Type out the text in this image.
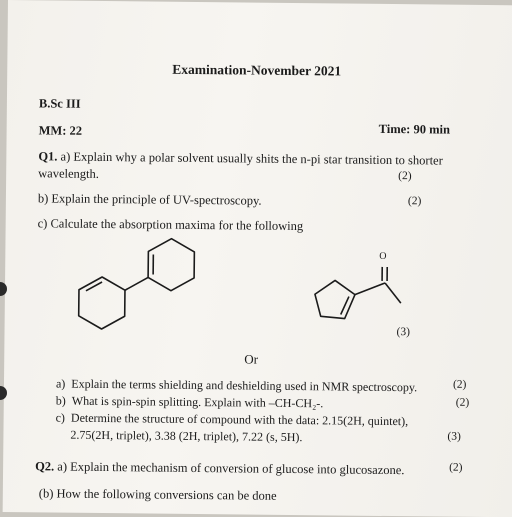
Examination-November 2021
B.Sc III
MM: 22	Time: 90 min
Q1. a) Explain why a polar solvent usually shits the n-pi star transition to shorter
wavelength.	(2)
b) Explain the principle of UV-spectroscopy.	(2)
c) Calculate the absorption maxima for the following
O
(3)
Or
a) Explain the terms shielding and deshielding used in NMR spectroscopy.	(2)
b) What is spin-spin splitting. Explain with –CH-CH₂-.	(2)
c) Determine the structure of compound with the data: 2.15(2H, quintet),
2.75(2H, triplet), 3.38 (2H, triplet), 7.22 (s, 5H).	(3)
Q2. a) Explain the mechanism of conversion of glucose into glucosazone.	(2)
(b) How the following conversions can be done
